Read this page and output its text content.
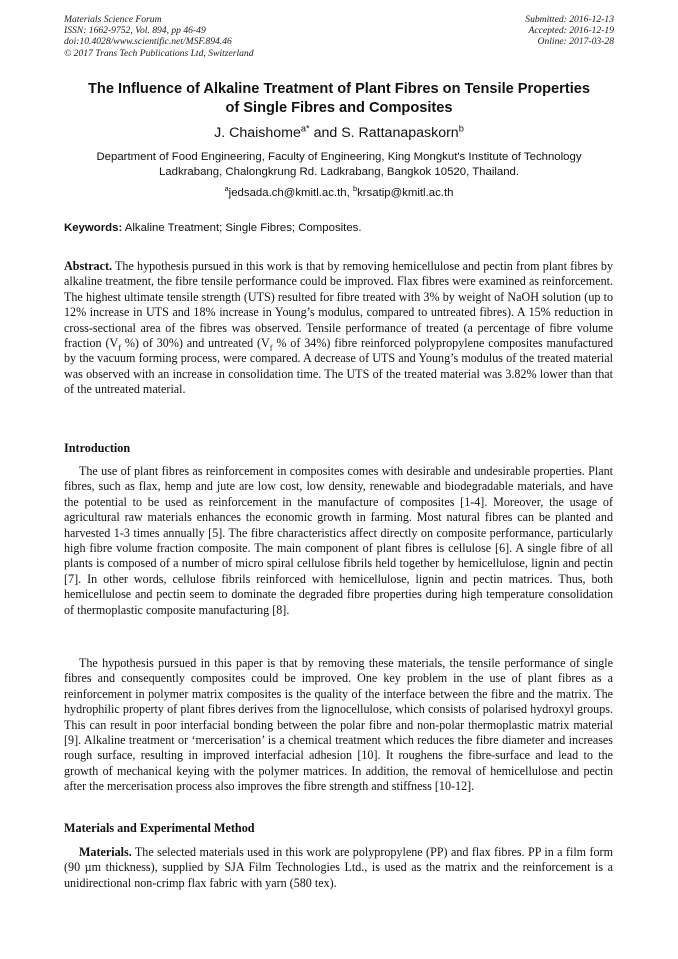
Materials Science Forum
ISSN: 1662-9752, Vol. 894, pp 46-49
doi:10.4028/www.scientific.net/MSF.894.46
© 2017 Trans Tech Publications Ltd, Switzerland
Submitted: 2016-12-13
Accepted: 2016-12-19
Online: 2017-03-28
The Influence of Alkaline Treatment of Plant Fibres on Tensile Properties
of Single Fibres and Composites
J. Chaishome$^{a*}$ and S. Rattanapaskorn$^b$
Department of Food Engineering, Faculty of Engineering, King Mongkut's Institute of Technology
Ladkrabang, Chalongkrung Rd. Ladkrabang, Bangkok 10520, Thailand.
$^a$jedsada.ch@kmitl.ac.th, $^b$krsatip@kmitl.ac.th
Keywords: Alkaline Treatment; Single Fibres; Composites.
Abstract. The hypothesis pursued in this work is that by removing hemicellulose and pectin from plant fibres by alkaline treatment, the fibre tensile performance could be improved. Flax fibres were examined as reinforcement. The highest ultimate tensile strength (UTS) resulted for fibre treated with 3% by weight of NaOH solution (up to 12% increase in UTS and 18% increase in Young’s modulus, compared to untreated fibres). A 15% reduction in cross-sectional area of the fibres was observed. Tensile performance of treated (a percentage of fibre volume fraction ($V_f$ %) of 30%) and untreated ($V_f$ % of 34%) fibre reinforced polypropylene composites manufactured by the vacuum forming process, were compared. A decrease of UTS and Young’s modulus of the treated material was observed with an increase in consolidation time. The UTS of the treated material was 3.82% lower than that of the untreated material.
Introduction
The use of plant fibres as reinforcement in composites comes with desirable and undesirable properties. Plant fibres, such as flax, hemp and jute are low cost, low density, renewable and biodegradable materials, and have the potential to be used as reinforcement in the manufacture of composites [1-4]. Moreover, the usage of agricultural raw materials enhances the economic growth in farming. Most natural fibres can be planted and harvested 1-3 times annually [5]. The fibre characteristics affect directly on composite performance, particularly high fibre volume fraction composite. The main component of plant fibres is cellulose [6]. A single fibre of all plants is composed of a number of micro spiral cellulose fibrils held together by hemicellulose, lignin and pectin [7]. In other words, cellulose fibrils reinforced with hemicellulose, lignin and pectin matrices. Thus, both hemicellulose and pectin seem to dominate the degraded fibre properties during high temperature consolidation of thermoplastic composite manufacturing [8].
The hypothesis pursued in this paper is that by removing these materials, the tensile performance of single fibres and consequently composites could be improved. One key problem in the use of plant fibres as a reinforcement in polymer matrix composites is the quality of the interface between the fibre and the matrix. The hydrophilic property of plant fibres derives from the lignocellulose, which consists of polarised hydroxyl groups. This can result in poor interfacial bonding between the polar fibre and non-polar thermoplastic matrix material [9]. Alkaline treatment or ‘mercerisation’ is a chemical treatment which reduces the fibre diameter and increases rough surface, resulting in improved interfacial adhesion [10]. It roughens the fibre-surface and lead to the growth of mechanical keying with the polymer matrices. In addition, the removal of hemicellulose and pectin after the mercerisation process also improves the fibre strength and stiffness [10-12].
Materials and Experimental Method
Materials. The selected materials used in this work are polypropylene (PP) and flax fibres. PP in a film form (90 µm thickness), supplied by SJA Film Technologies Ltd., is used as the matrix and the reinforcement is a unidirectional non-crimp flax fabric with yarn (580 tex).
